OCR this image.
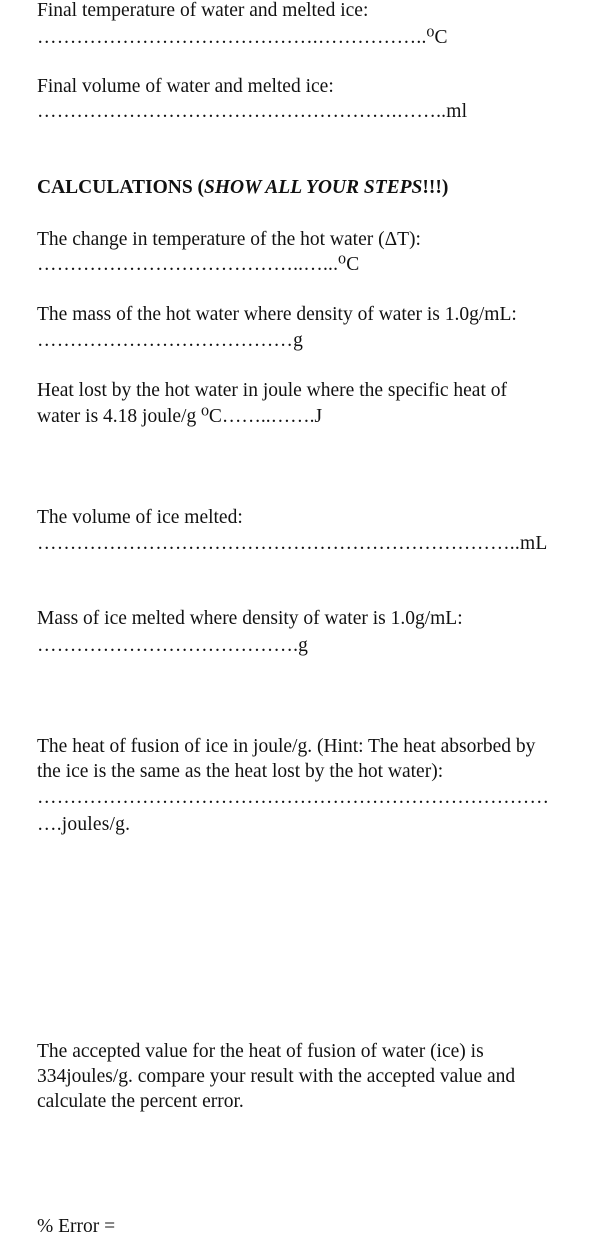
Final temperature of water and melted ice:
…………………………………….……………..⁰C
Final volume of water and melted ice:
……………………………………………….……..ml
CALCULATIONS (SHOW ALL YOUR STEPS!!!)
The change in temperature of the hot water (ΔT):
…………………………………..…...⁰C
The mass of the hot water where density of water is 1.0g/mL:
…………………………………g
Heat lost by the hot water in joule where the specific heat of
water is 4.18 joule/g ⁰C……..…….J
The volume of ice melted:
………………………………………………………………..mL
Mass of ice melted where density of water is 1.0g/mL:
………………………………….g
The heat of fusion of ice in joule/g. (Hint: The heat absorbed by
the ice is the same as the heat lost by the hot water):
……………………………………………………………………
….joules/g.
The accepted value for the heat of fusion of water (ice) is
334joules/g. compare your result with the accepted value and
calculate the percent error.
% Error =
